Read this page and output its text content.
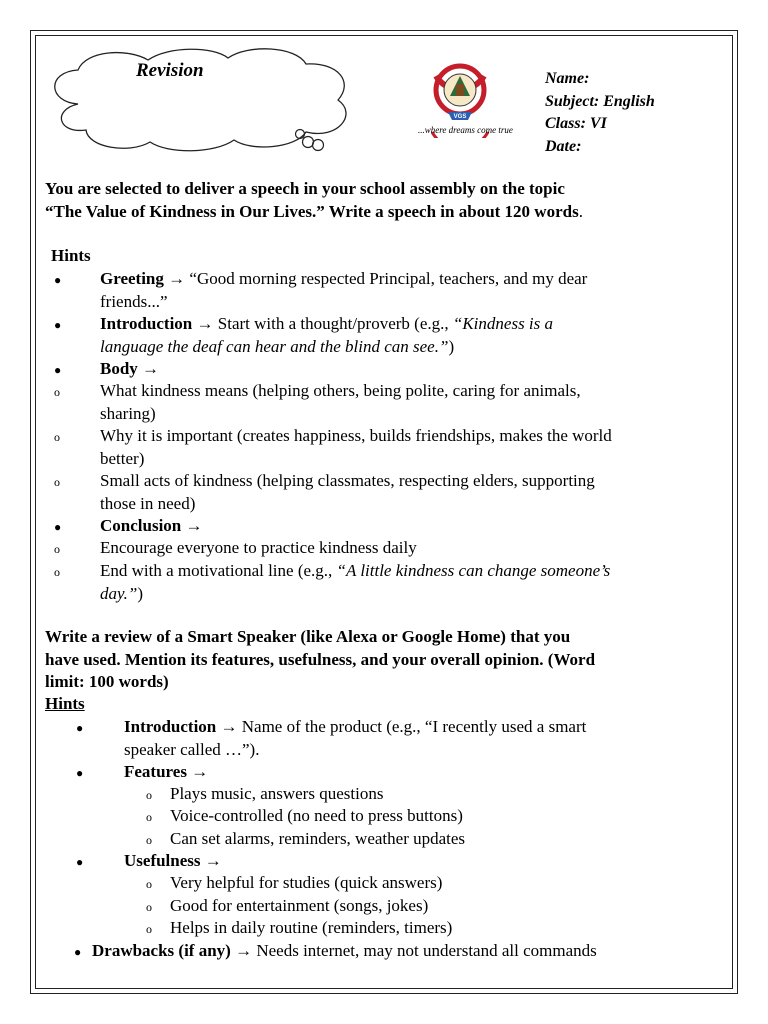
Revision
VGS
...where dreams come true
Name:
Subject: English
Class: VI
Date:
You are selected to deliver a speech in your school assembly on the topic
“The Value of Kindness in Our Lives.” Write a speech in about 120 words.
Hints
● Greeting → “Good morning respected Principal, teachers, and my dear
friends...”
● Introduction → Start with a thought/proverb (e.g., “Kindness is a
language the deaf can hear and the blind can see.”)
● Body →
o What kindness means (helping others, being polite, caring for animals,
sharing)
o Why it is important (creates happiness, builds friendships, makes the world
better)
o Small acts of kindness (helping classmates, respecting elders, supporting
those in need)
● Conclusion →
o Encourage everyone to practice kindness daily
o End with a motivational line (e.g., “A little kindness can change someone’s
day.”)
Write a review of a Smart Speaker (like Alexa or Google Home) that you
have used. Mention its features, usefulness, and your overall opinion. (Word
limit: 100 words)
Hints
● Introduction → Name of the product (e.g., “I recently used a smart
speaker called …”).
● Features →
o Plays music, answers questions
o Voice-controlled (no need to press buttons)
o Can set alarms, reminders, weather updates
● Usefulness →
o Very helpful for studies (quick answers)
o Good for entertainment (songs, jokes)
o Helps in daily routine (reminders, timers)
● Drawbacks (if any) → Needs internet, may not understand all commands
